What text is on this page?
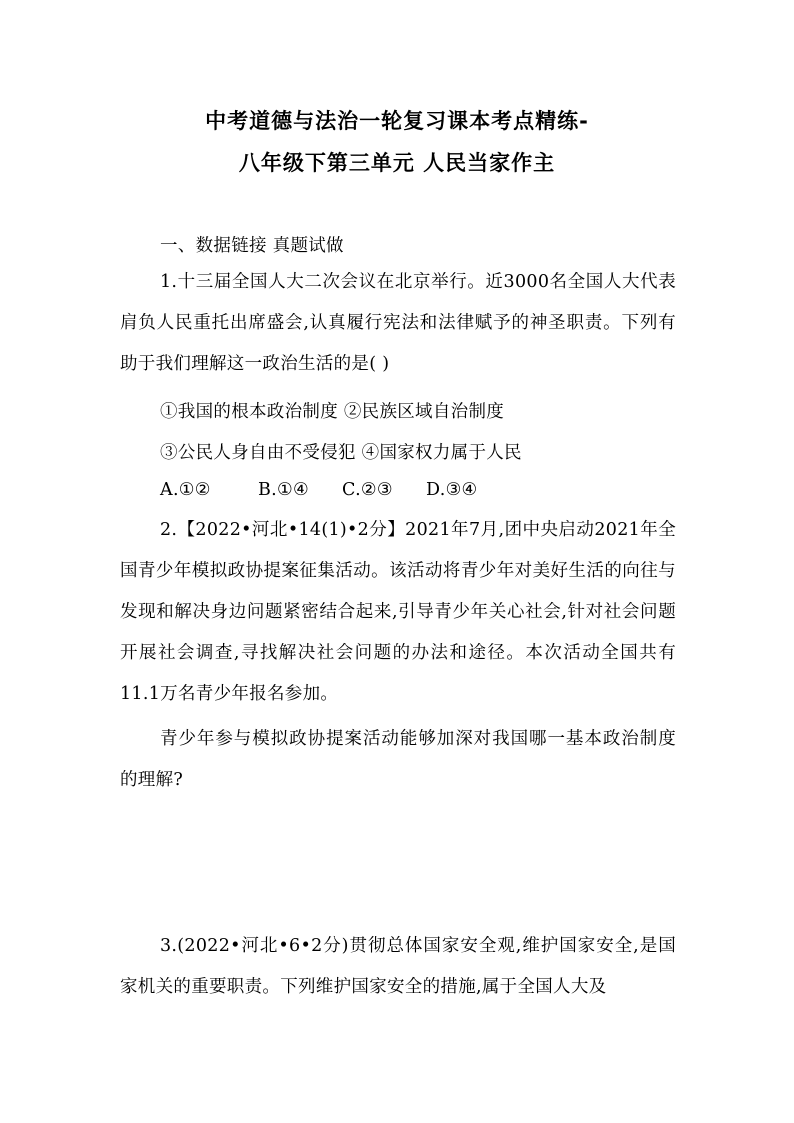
中考道德与法治一轮复习课本考点精练-
八年级下第三单元 人民当家作主
一、数据链接 真题试做
1.十三届全国人大二次会议在北京举行。近3000名全国人大代表肩负人民重托出席盛会,认真履行宪法和法律赋予的神圣职责。下列有助于我们理解这一政治生活的是( )
①我国的根本政治制度 ②民族区域自治制度
③公民人身自由不受侵犯 ④国家权力属于人民
A.①②	B.①④ C.②③ D.③④
2.【2022•河北•14(1)•2分】2021年7月,团中央启动2021年全国青少年模拟政协提案征集活动。该活动将青少年对美好生活的向往与发现和解决身边问题紧密结合起来,引导青少年关心社会,针对社会问题开展社会调查,寻找解决社会问题的办法和途径。本次活动全国共有11.1万名青少年报名参加。
青少年参与模拟政协提案活动能够加深对我国哪一基本政治制度的理解?
3.(2022•河北•6•2分)贯彻总体国家安全观,维护国家安全,是国家机关的重要职责。下列维护国家安全的措施,属于全国人大及
